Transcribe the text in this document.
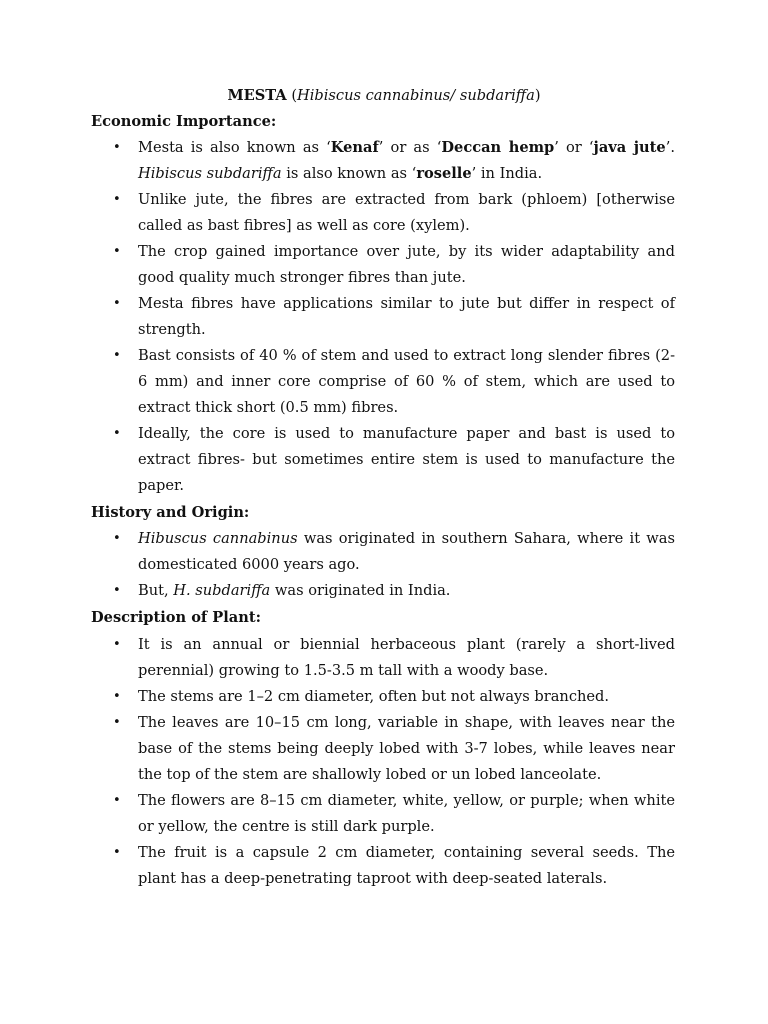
MESTA (Hibiscus cannabinus/ subdariffa)
Economic Importance:
• Mesta is also known as ‘Kenaf’ or as ‘Deccan hemp’ or ‘java jute’. Hibiscus subdariffa is also known as ‘roselle’ in India.
• Unlike jute, the fibres are extracted from bark (phloem) [otherwise called as bast fibres] as well as core (xylem).
• The crop gained importance over jute, by its wider adaptability and good quality much stronger fibres than jute.
• Mesta fibres have applications similar to jute but differ in respect of strength.
• Bast consists of 40 % of stem and used to extract long slender fibres (2-6 mm) and inner core comprise of 60 % of stem, which are used to extract thick short (0.5 mm) fibres.
• Ideally, the core is used to manufacture paper and bast is used to extract fibres- but sometimes entire stem is used to manufacture the paper.
History and Origin:
• Hibuscus cannabinus was originated in southern Sahara, where it was domesticated 6000 years ago.
• But, H. subdariffa was originated in India.
Description of Plant:
• It is an annual or biennial herbaceous plant (rarely a short-lived perennial) growing to 1.5-3.5 m tall with a woody base.
• The stems are 1–2 cm diameter, often but not always branched.
• The leaves are 10–15 cm long, variable in shape, with leaves near the base of the stems being deeply lobed with 3-7 lobes, while leaves near the top of the stem are shallowly lobed or un lobed lanceolate.
• The flowers are 8–15 cm diameter, white, yellow, or purple; when white or yellow, the centre is still dark purple.
• The fruit is a capsule 2 cm diameter, containing several seeds. The plant has a deep-penetrating taproot with deep-seated laterals.
